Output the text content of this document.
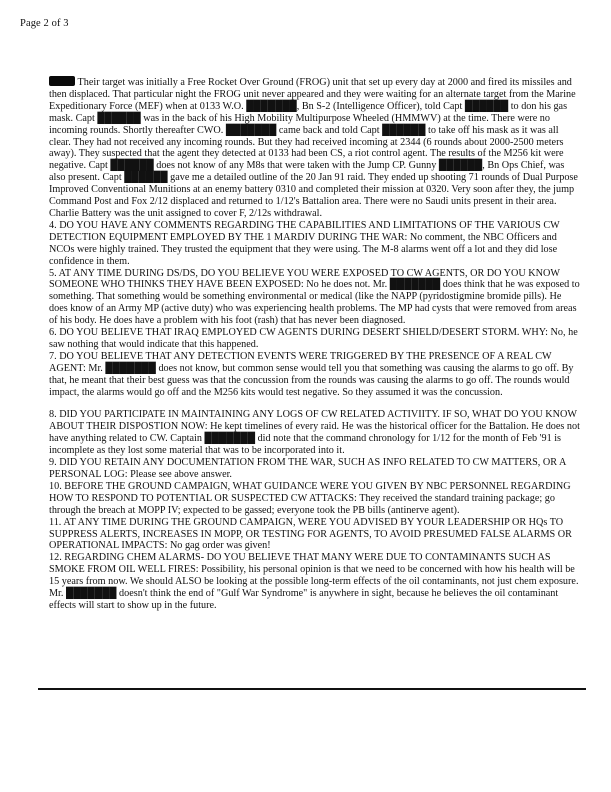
Page 2 of 3

Their target was initially a Free Rocket Over Ground (FROG) unit that set up every day at 2000 and fired its missiles and then displaced. That particular night the FROG unit never appeared and they were waiting for an alternate target from the Marine Expeditionary Force (MEF) when at 0133 W.O. ███████, Bn S-2 (Intelligence Officer), told Capt ██████ to don his gas mask. Capt ██████ was in the back of his High Mobility Multipurpose Wheeled (HMMWV) at the time. There were no incoming rounds. Shortly thereafter CWO. ███████ came back and told Capt ██████ to take off his mask as it was all clear. They had not received any incoming rounds. But they had received incoming at 2344 (6 rounds about 2000-2500 meters away). They suspected that the agent they detected at 0133 had been CS, a riot control agent. The results of the M256 kit were negative. Capt ██████ does not know of any M8s that were taken with the Jump CP. Gunny ██████, Bn Ops Chief, was also present. Capt ██████ gave me a detailed outline of the 20 Jan 91 raid. They ended up shooting 71 rounds of Dual Purpose Improved Conventional Munitions at an enemy battery 0310 and completed their mission at 0320. Very soon after they, the jump Command Post and Fox 2/12 displaced and returned to 1/12's Battalion area. There were no Saudi units present in their area. Charlie Battery was the unit assigned to cover F, 2/12s withdrawal.

4. DO YOU HAVE ANY COMMENTS REGARDING THE CAPABILITIES AND LIMITATIONS OF THE VARIOUS CW DETECTION EQUIPMENT EMPLOYED BY THE 1 MARDIV DURING THE WAR: No comment, the NBC Officers and NCOs were highly trained. They trusted the equipment that they were using. The M-8 alarms went off a lot and they did lose confidence in them.

5. AT ANY TIME DURING DS/DS, DO YOU BELIEVE YOU WERE EXPOSED TO CW AGENTS, OR DO YOU KNOW SOMEONE WHO THINKS THEY HAVE BEEN EXPOSED: No he does not. Mr. ███████ does think that he was exposed to something. That something would be something environmental or medical (like the NAPP (pyridostigmine bromide pills). He does know of an Army MP (active duty) who was experiencing health problems. The MP had cysts that were removed from areas of his body. He does have a problem with his foot (rash) that has never been diagnosed.

6. DO YOU BELIEVE THAT IRAQ EMPLOYED CW AGENTS DURING DESERT SHIELD/DESERT STORM. WHY: No, he saw nothing that would indicate that this happened.

7. DO YOU BELIEVE THAT ANY DETECTION EVENTS WERE TRIGGERED BY THE PRESENCE OF A REAL CW AGENT: Mr. ███████ does not know, but common sense would tell you that something was causing the alarms to go off. By that, he meant that their best guess was that the concussion from the rounds was causing the alarms to go off. The rounds would impact, the alarms would go off and the M256 kits would test negative. So they assumed it was the concussion.

8. DID YOU PARTICIPATE IN MAINTAINING ANY LOGS OF CW RELATED ACTIVIITY. IF SO, WHAT DO YOU KNOW ABOUT THEIR DISPOSTION NOW: He kept timelines of every raid. He was the historical officer for the Battalion. He does not have anything related to CW. Captain ███████ did note that the command chronology for 1/12 for the month of Feb '91 is incomplete as they lost some material that was to be incorporated into it.

9. DID YOU RETAIN ANY DOCUMENTATION FROM THE WAR, SUCH AS INFO RELATED TO CW MATTERS, OR A PERSONAL LOG: Please see above answer.

10. BEFORE THE GROUND CAMPAIGN, WHAT GUIDANCE WERE YOU GIVEN BY NBC PERSONNEL REGARDING HOW TO RESPOND TO POTENTIAL OR SUSPECTED CW ATTACKS: They received the standard training package; go through the breach at MOPP IV; expected to be gassed; everyone took the PB bills (antinerve agent).

11. AT ANY TIME DURING THE GROUND CAMPAIGN, WERE YOU ADVISED BY YOUR LEADERSHIP OR HQs TO SUPPRESS ALERTS, INCREASES IN MOPP, OR TESTING FOR AGENTS, TO AVOID PRESUMED FALSE ALARMS OR OPERATIONAL IMPACTS: No gag order was given!

12. REGARDING CHEM ALARMS- DO YOU BELIEVE THAT MANY WERE DUE TO CONTAMINANTS SUCH AS SMOKE FROM OIL WELL FIRES: Possibility, his personal opinion is that we need to be concerned with how his health will be 15 years from now. We should ALSO be looking at the possible long-term effects of the oil contaminants, not just chem exposure. Mr. ███████ doesn't think the end of "Gulf War Syndrome" is anywhere in sight, because he believes the oil contaminant effects will start to show up in the future.
